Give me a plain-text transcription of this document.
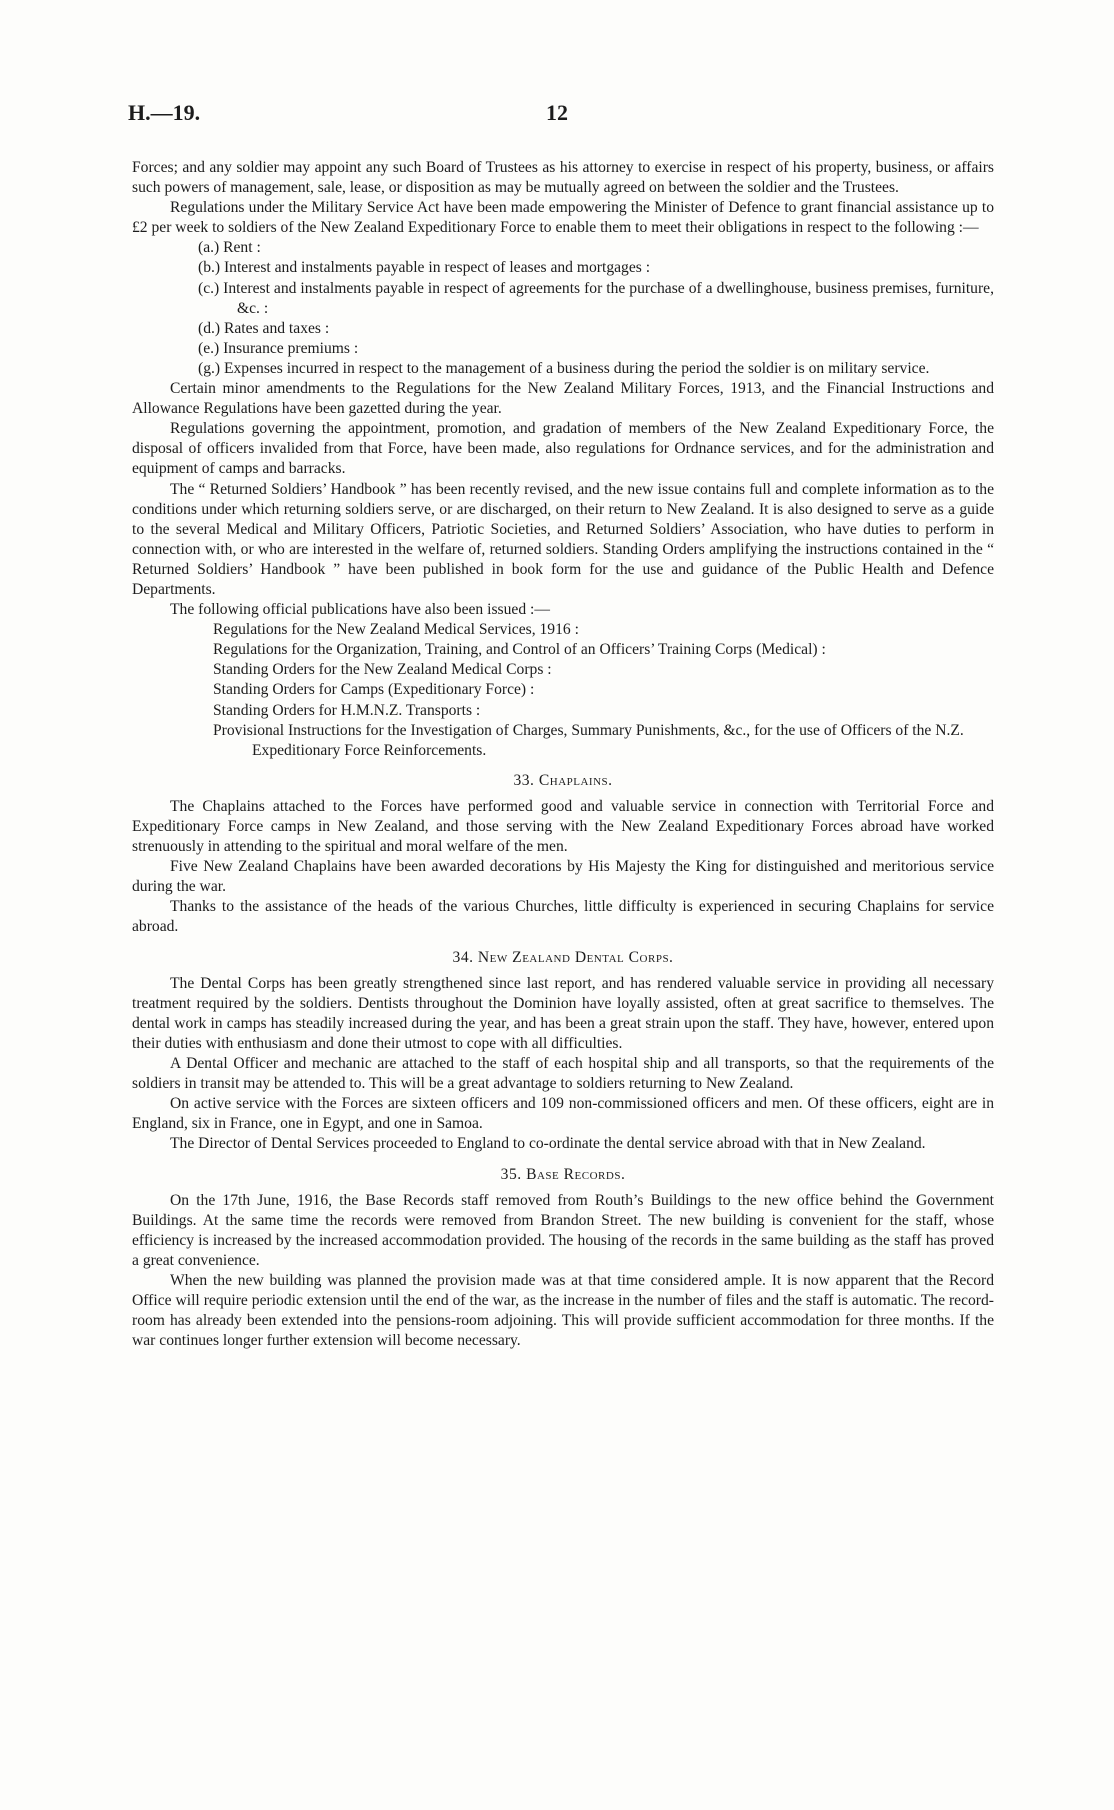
H.—19.	12

Forces; and any soldier may appoint any such Board of Trustees as his attorney to exercise in respect of his property, business, or affairs such powers of management, sale, lease, or disposition as may be mutually agreed on between the soldier and the Trustees.

Regulations under the Military Service Act have been made empowering the Minister of Defence to grant financial assistance up to £2 per week to soldiers of the New Zealand Expeditionary Force to enable them to meet their obligations in respect to the following :—

(a.) Rent :

(b.) Interest and instalments payable in respect of leases and mortgages :

(c.) Interest and instalments payable in respect of agreements for the purchase of a dwellinghouse, business premises, furniture, &c. :

(d.) Rates and taxes :

(e.) Insurance premiums :

(g.) Expenses incurred in respect to the management of a business during the period the soldier is on military service.

Certain minor amendments to the Regulations for the New Zealand Military Forces, 1913, and the Financial Instructions and Allowance Regulations have been gazetted during the year.

Regulations governing the appointment, promotion, and gradation of members of the New Zealand Expeditionary Force, the disposal of officers invalided from that Force, have been made, also regulations for Ordnance services, and for the administration and equipment of camps and barracks.

The “ Returned Soldiers’ Handbook ” has been recently revised, and the new issue contains full and complete information as to the conditions under which returning soldiers serve, or are discharged, on their return to New Zealand. It is also designed to serve as a guide to the several Medical and Military Officers, Patriotic Societies, and Returned Soldiers’ Association, who have duties to perform in connection with, or who are interested in the welfare of, returned soldiers. Standing Orders amplifying the instructions contained in the “ Returned Soldiers’ Handbook ” have been published in book form for the use and guidance of the Public Health and Defence Departments.

The following official publications have also been issued :—

Regulations for the New Zealand Medical Services, 1916 :

Regulations for the Organization, Training, and Control of an Officers’ Training Corps (Medical) :

Standing Orders for the New Zealand Medical Corps :

Standing Orders for Camps (Expeditionary Force) :

Standing Orders for H.M.N.Z. Transports :

Provisional Instructions for the Investigation of Charges, Summary Punishments, &c., for the use of Officers of the N.Z. Expeditionary Force Reinforcements.

33. Chaplains.

The Chaplains attached to the Forces have performed good and valuable service in connection with Territorial Force and Expeditionary Force camps in New Zealand, and those serving with the New Zealand Expeditionary Forces abroad have worked strenuously in attending to the spiritual and moral welfare of the men.

Five New Zealand Chaplains have been awarded decorations by His Majesty the King for distinguished and meritorious service during the war.

Thanks to the assistance of the heads of the various Churches, little difficulty is experienced in securing Chaplains for service abroad.

34. New Zealand Dental Corps.

The Dental Corps has been greatly strengthened since last report, and has rendered valuable service in providing all necessary treatment required by the soldiers. Dentists throughout the Dominion have loyally assisted, often at great sacrifice to themselves. The dental work in camps has steadily increased during the year, and has been a great strain upon the staff. They have, however, entered upon their duties with enthusiasm and done their utmost to cope with all difficulties.

A Dental Officer and mechanic are attached to the staff of each hospital ship and all transports, so that the requirements of the soldiers in transit may be attended to. This will be a great advantage to soldiers returning to New Zealand.

On active service with the Forces are sixteen officers and 109 non-commissioned officers and men. Of these officers, eight are in England, six in France, one in Egypt, and one in Samoa.

The Director of Dental Services proceeded to England to co-ordinate the dental service abroad with that in New Zealand.

35. Base Records.

On the 17th June, 1916, the Base Records staff removed from Routh’s Buildings to the new office behind the Government Buildings. At the same time the records were removed from Brandon Street. The new building is convenient for the staff, whose efficiency is increased by the increased accommodation provided. The housing of the records in the same building as the staff has proved a great convenience.

When the new building was planned the provision made was at that time considered ample. It is now apparent that the Record Office will require periodic extension until the end of the war, as the increase in the number of files and the staff is automatic. The record-room has already been extended into the pensions-room adjoining. This will provide sufficient accommodation for three months. If the war continues longer further extension will become necessary.
